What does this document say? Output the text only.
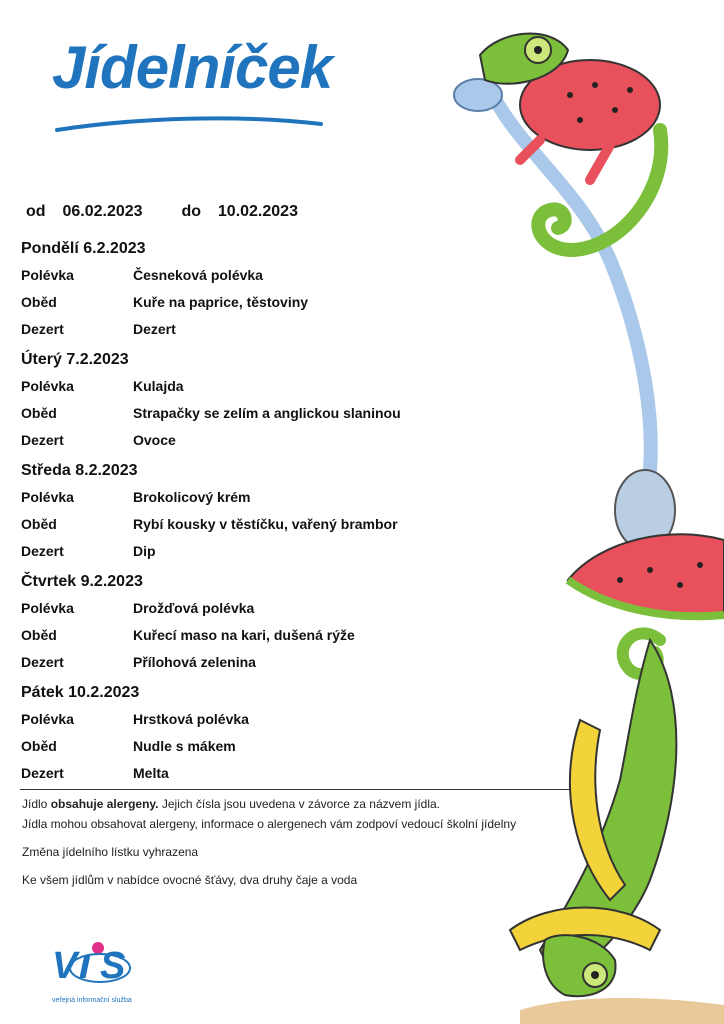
Jídelníček
od 06.02.2023 do 10.02.2023
Pondělí 6.2.2023
Polévka	Česneková polévka
Oběd	Kuře na paprice, těstoviny
Dezert	Dezert
Úterý 7.2.2023
Polévka	Kulajda
Oběd	Strapačky se zelím a anglickou slaninou
Dezert	Ovoce
Středa 8.2.2023
Polévka	Brokolicový krém
Oběd	Rybí kousky v těstíčku, vařený brambor
Dezert	Dip
Čtvrtek 9.2.2023
Polévka	Drožďová polévka
Oběd	Kuřecí maso na kari, dušená rýže
Dezert	Přílohová zelenina
Pátek 10.2.2023
Polévka	Hrstková polévka
Oběd	Nudle s mákem
Dezert	Melta

Jídlo obsahuje alergeny. Jejich čísla jsou uvedena v závorce za názvem jídla.

Jídla mohou obsahovat alergeny, informace o alergenech vám zodpoví vedoucí školní jídelny

Změna jídelního lístku vyhrazena

Ke všem jídlům v nabídce ovocné šťávy, dva druhy čaje a voda

V S
veřejná informační služba
